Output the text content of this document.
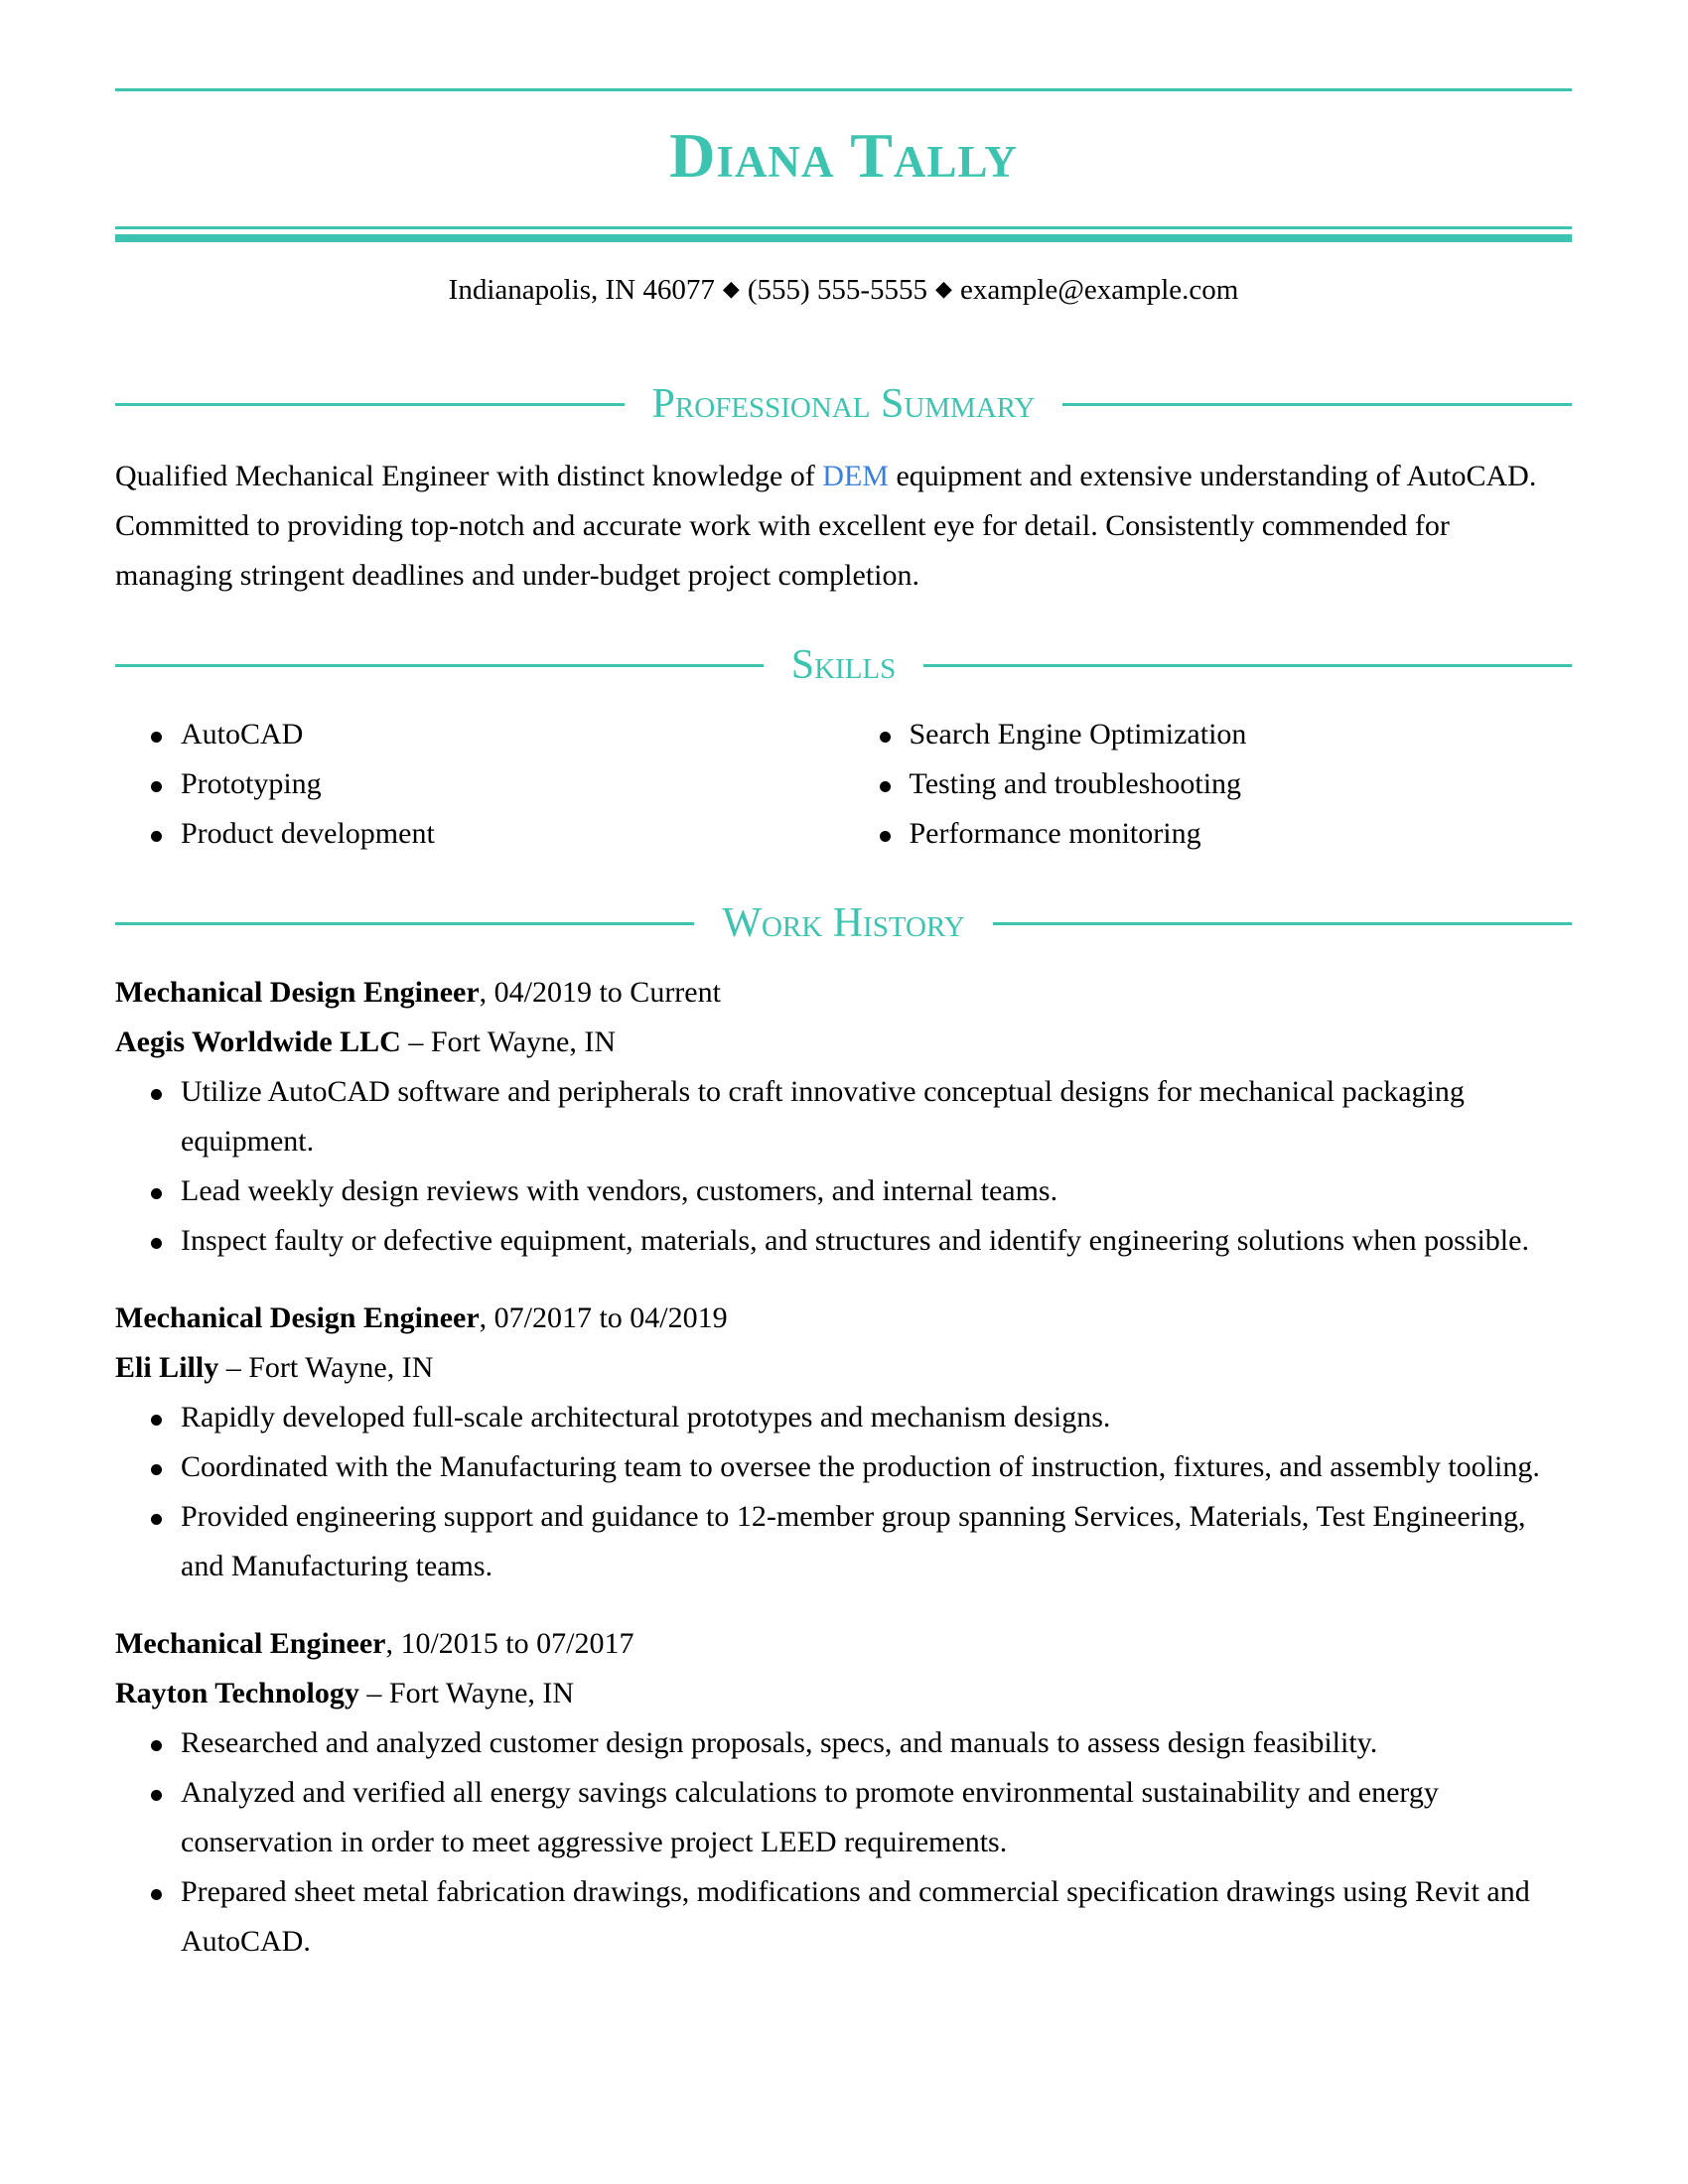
Diana Tally
Indianapolis, IN 46077 ◆ (555) 555-5555 ◆ example@example.com
Professional Summary
Qualified Mechanical Engineer with distinct knowledge of DEM equipment and extensive understanding of AutoCAD. Committed to providing top-notch and accurate work with excellent eye for detail. Consistently commended for managing stringent deadlines and under-budget project completion.
Skills
AutoCAD
Prototyping
Product development
Search Engine Optimization
Testing and troubleshooting
Performance monitoring
Work History
Mechanical Design Engineer, 04/2019 to Current
Aegis Worldwide LLC – Fort Wayne, IN
Utilize AutoCAD software and peripherals to craft innovative conceptual designs for mechanical packaging equipment.
Lead weekly design reviews with vendors, customers, and internal teams.
Inspect faulty or defective equipment, materials, and structures and identify engineering solutions when possible.
Mechanical Design Engineer, 07/2017 to 04/2019
Eli Lilly – Fort Wayne, IN
Rapidly developed full-scale architectural prototypes and mechanism designs.
Coordinated with the Manufacturing team to oversee the production of instruction, fixtures, and assembly tooling.
Provided engineering support and guidance to 12-member group spanning Services, Materials, Test Engineering, and Manufacturing teams.
Mechanical Engineer, 10/2015 to 07/2017
Rayton Technology – Fort Wayne, IN
Researched and analyzed customer design proposals, specs, and manuals to assess design feasibility.
Analyzed and verified all energy savings calculations to promote environmental sustainability and energy conservation in order to meet aggressive project LEED requirements.
Prepared sheet metal fabrication drawings, modifications and commercial specification drawings using Revit and AutoCAD.
